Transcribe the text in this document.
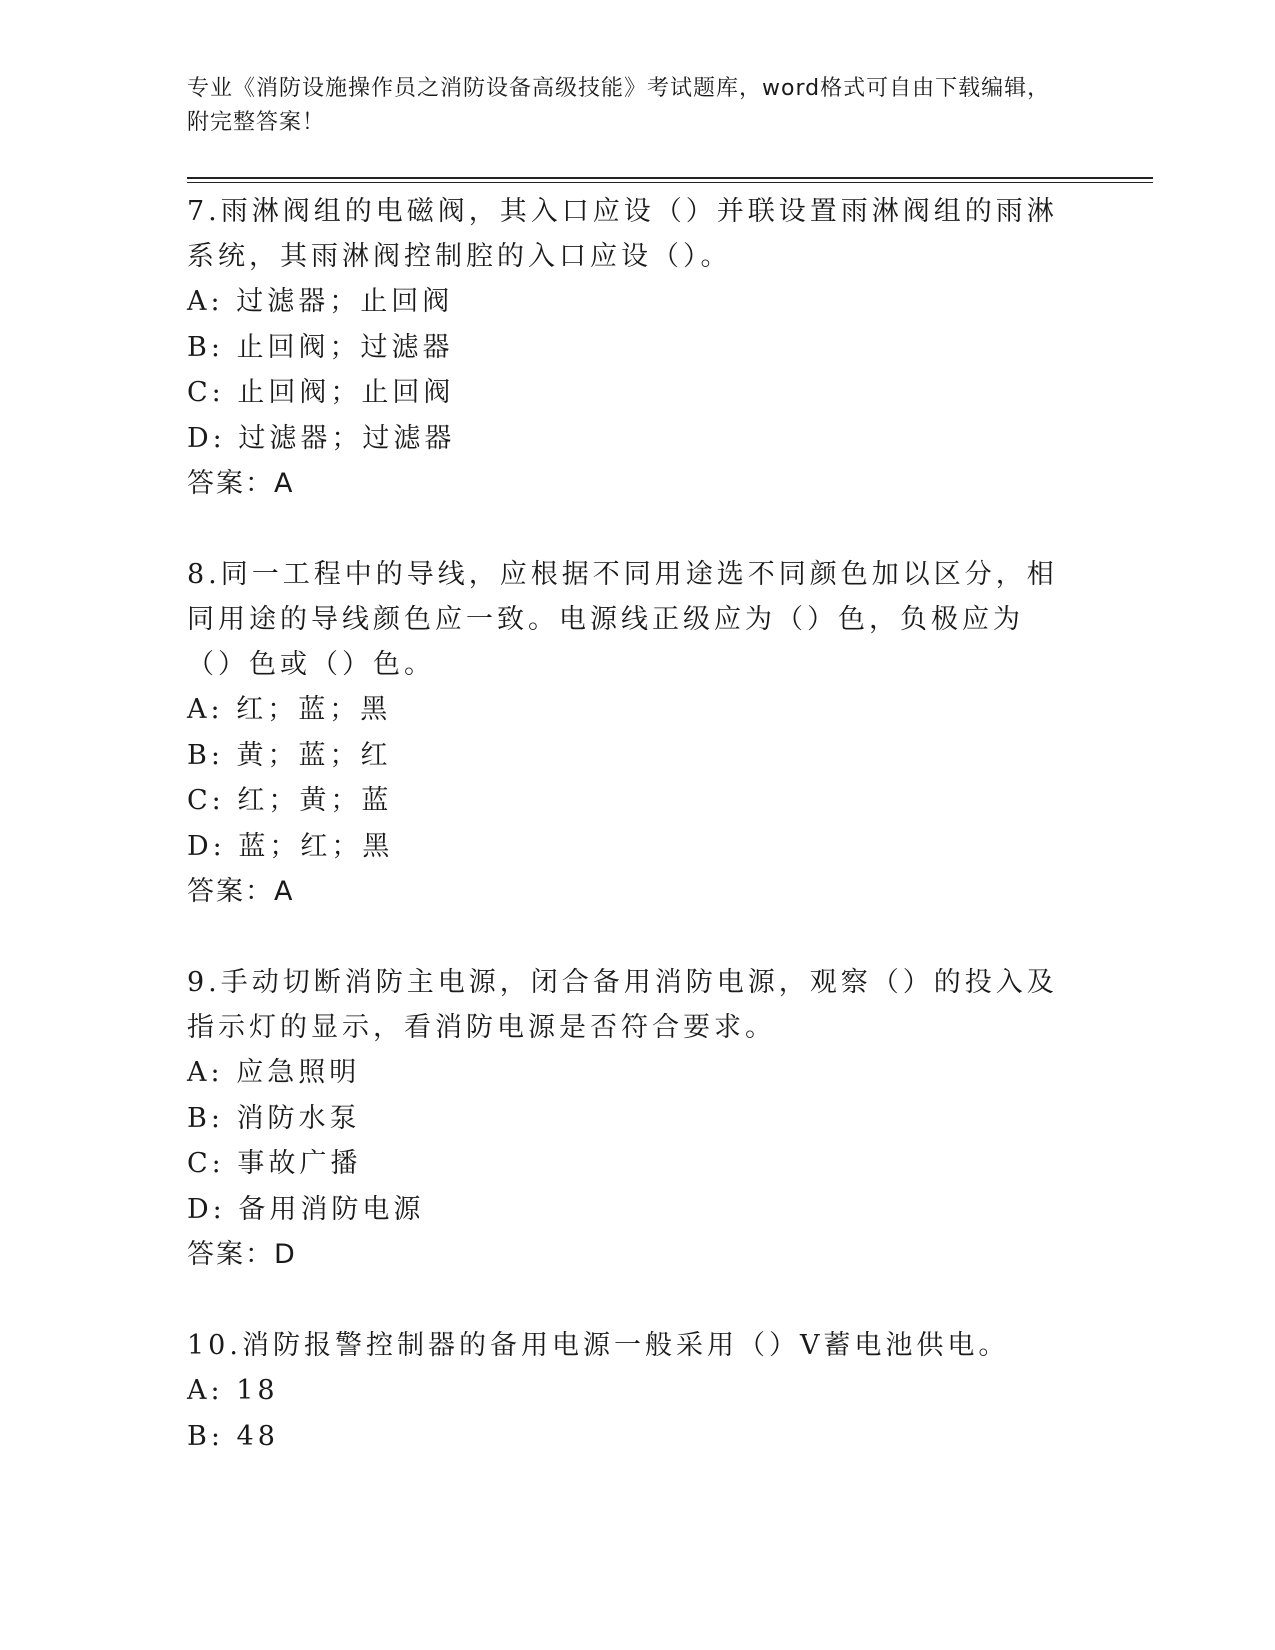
专业《消防设施操作员之消防设备高级技能》考试题库，word格式可自由下载编辑，附完整答案！
7.雨淋阀组的电磁阀，其入口应设（）并联设置雨淋阀组的雨淋系统，其雨淋阀控制腔的入口应设（）。
A: 过滤器；止回阀
B: 止回阀；过滤器
C: 止回阀；止回阀
D: 过滤器；过滤器
答案：A
8.同一工程中的导线，应根据不同用途选不同颜色加以区分，相同用途的导线颜色应一致。电源线正级应为（）色，负极应为（）色或（）色。
A: 红；蓝；黑
B: 黄；蓝；红
C: 红；黄；蓝
D: 蓝；红；黑
答案：A
9.手动切断消防主电源，闭合备用消防电源，观察（）的投入及指示灯的显示，看消防电源是否符合要求。
A: 应急照明
B: 消防水泵
C: 事故广播
D: 备用消防电源
答案：D
10.消防报警控制器的备用电源一般采用（）V蓄电池供电。
A: 18
B: 48
